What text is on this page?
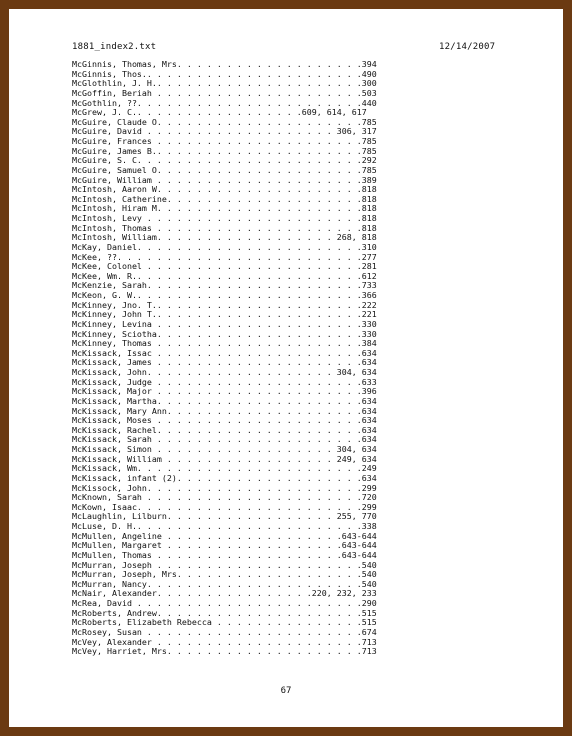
1881_index2.txt	12/14/2007
McGinnis, Thomas, Mrs. . . . . . . . . . . . . . . . . . .394
McGinnis, Thos.. . . . . . . . . . . . . . . . . . . . . .490
McGlothlin, J. H.. . . . . . . . . . . . . . . . . . . . .300
McGoffin, Beriah . . . . . . . . . . . . . . . . . . . . .503
McGothlin, ??. . . . . . . . . . . . . . . . . . . . . . .440
McGrew, J. C.. . . . . . . . . . . . . . . . .609, 614, 617
McGuire, Claude O. . . . . . . . . . . . . . . . . . . . .785
McGuire, David . . . . . . . . . . . . . . . . . . . 306, 317
McGuire, Frances . . . . . . . . . . . . . . . . . . . . .785
McGuire, James B.. . . . . . . . . . . . . . . . . . . . .785
McGuire, S. C. . . . . . . . . . . . . . . . . . . . . . .292
McGuire, Samuel O. . . . . . . . . . . . . . . . . . . . .785
McGuire, William . . . . . . . . . . . . . . . . . . . . .389
McIntosh, Aaron W. . . . . . . . . . . . . . . . . . . . .818
McIntosh, Catherine. . . . . . . . . . . . . . . . . . . .818
McIntosh, Hiram M. . . . . . . . . . . . . . . . . . . . .818
McIntosh, Levy . . . . . . . . . . . . . . . . . . . . . .818
McIntosh, Thomas . . . . . . . . . . . . . . . . . . . . .818
McIntosh, William. . . . . . . . . . . . . . . . . . 268, 818
McKay, Daniel. . . . . . . . . . . . . . . . . . . . . . .310
McKee, ??. . . . . . . . . . . . . . . . . . . . . . . . .277
McKee, Colonel . . . . . . . . . . . . . . . . . . . . . .281
McKee, Wm. R.. . . . . . . . . . . . . . . . . . . . . . .612
McKenzie, Sarah. . . . . . . . . . . . . . . . . . . . . .733
McKeon, G. W.. . . . . . . . . . . . . . . . . . . . . . .366
McKinney, Jno. T.. . . . . . . . . . . . . . . . . . . . .222
McKinney, John T.. . . . . . . . . . . . . . . . . . . . .221
McKinney, Levina . . . . . . . . . . . . . . . . . . . . .330
McKinney, Sciotha. . . . . . . . . . . . . . . . . . . . .330
McKinney, Thomas . . . . . . . . . . . . . . . . . . . . .384
McKissack, Issac . . . . . . . . . . . . . . . . . . . . .634
McKissack, James . . . . . . . . . . . . . . . . . . . . .634
McKissack, John. . . . . . . . . . . . . . . . . . . 304, 634
McKissack, Judge . . . . . . . . . . . . . . . . . . . . .633
McKissack, Major . . . . . . . . . . . . . . . . . . . . .396
McKissack, Martha. . . . . . . . . . . . . . . . . . . . .634
McKissack, Mary Ann. . . . . . . . . . . . . . . . . . . .634
McKissack, Moses . . . . . . . . . . . . . . . . . . . . .634
McKissack, Rachel. . . . . . . . . . . . . . . . . . . . .634
McKissack, Sarah . . . . . . . . . . . . . . . . . . . . .634
McKissack, Simon . . . . . . . . . . . . . . . . . . 304, 634
McKissack, William . . . . . . . . . . . . . . . . . 249, 634
McKissack, Wm. . . . . . . . . . . . . . . . . . . . . . .249
McKissack, infant (2). . . . . . . . . . . . . . . . . . .634
McKissock, John. . . . . . . . . . . . . . . . . . . . . .299
McKnown, Sarah . . . . . . . . . . . . . . . . . . . . . .720
McKown, Isaac. . . . . . . . . . . . . . . . . . . . . . .299
McLaughlin, Lilburn. . . . . . . . . . . . . . . . . 255, 770
McLuse, D. H.. . . . . . . . . . . . . . . . . . . . . . .338
McMullen, Angeline . . . . . . . . . . . . . . . . . .643-644
McMullen, Margaret . . . . . . . . . . . . . . . . . .643-644
McMullen, Thomas . . . . . . . . . . . . . . . . . . .643-644
McMurran, Joseph . . . . . . . . . . . . . . . . . . . . .540
McMurran, Joseph, Mrs. . . . . . . . . . . . . . . . . . .540
McMurran, Nancy. . . . . . . . . . . . . . . . . . . . . .540
McNair, Alexander. . . . . . . . . . . . . . . .220, 232, 233
McRea, David . . . . . . . . . . . . . . . . . . . . . . .290
McRoberts, Andrew. . . . . . . . . . . . . . . . . . . . .515
McRoberts, Elizabeth Rebecca . . . . . . . . . . . . . . .515
McRosey, Susan . . . . . . . . . . . . . . . . . . . . . .674
McVey, Alexander . . . . . . . . . . . . . . . . . . . . .713
McVey, Harriet, Mrs. . . . . . . . . . . . . . . . . . . .713
67
